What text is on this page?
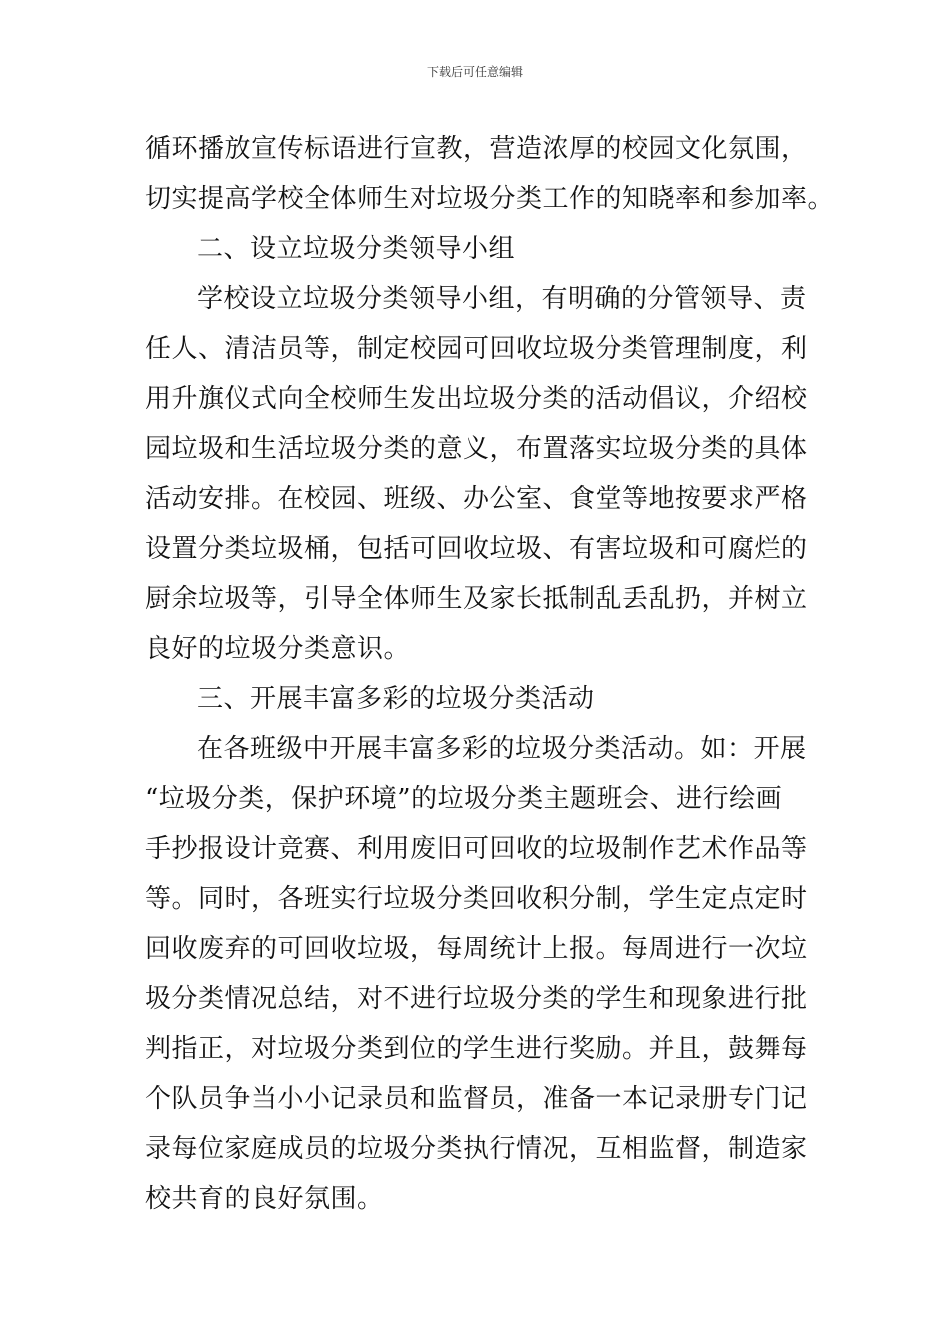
下载后可任意编辑
循环播放宣传标语进行宣教，营造浓厚的校园文化氛围，
切实提高学校全体师生对垃圾分类工作的知晓率和参加率。
二、设立垃圾分类领导小组
学校设立垃圾分类领导小组，有明确的分管领导、责
任人、清洁员等，制定校园可回收垃圾分类管理制度，利
用升旗仪式向全校师生发出垃圾分类的活动倡议，介绍校
园垃圾和生活垃圾分类的意义，布置落实垃圾分类的具体
活动安排。在校园、班级、办公室、食堂等地按要求严格
设置分类垃圾桶，包括可回收垃圾、有害垃圾和可腐烂的
厨余垃圾等，引导全体师生及家长抵制乱丢乱扔，并树立
良好的垃圾分类意识。
三、开展丰富多彩的垃圾分类活动
在各班级中开展丰富多彩的垃圾分类活动。如：开展
“垃圾分类，保护环境”的垃圾分类主题班会、进行绘画
手抄报设计竞赛、利用废旧可回收的垃圾制作艺术作品等
等。同时，各班实行垃圾分类回收积分制，学生定点定时
回收废弃的可回收垃圾，每周统计上报。每周进行一次垃
圾分类情况总结，对不进行垃圾分类的学生和现象进行批
判指正，对垃圾分类到位的学生进行奖励。并且，鼓舞每
个队员争当小小记录员和监督员，准备一本记录册专门记
录每位家庭成员的垃圾分类执行情况，互相监督，制造家
校共育的良好氛围。
